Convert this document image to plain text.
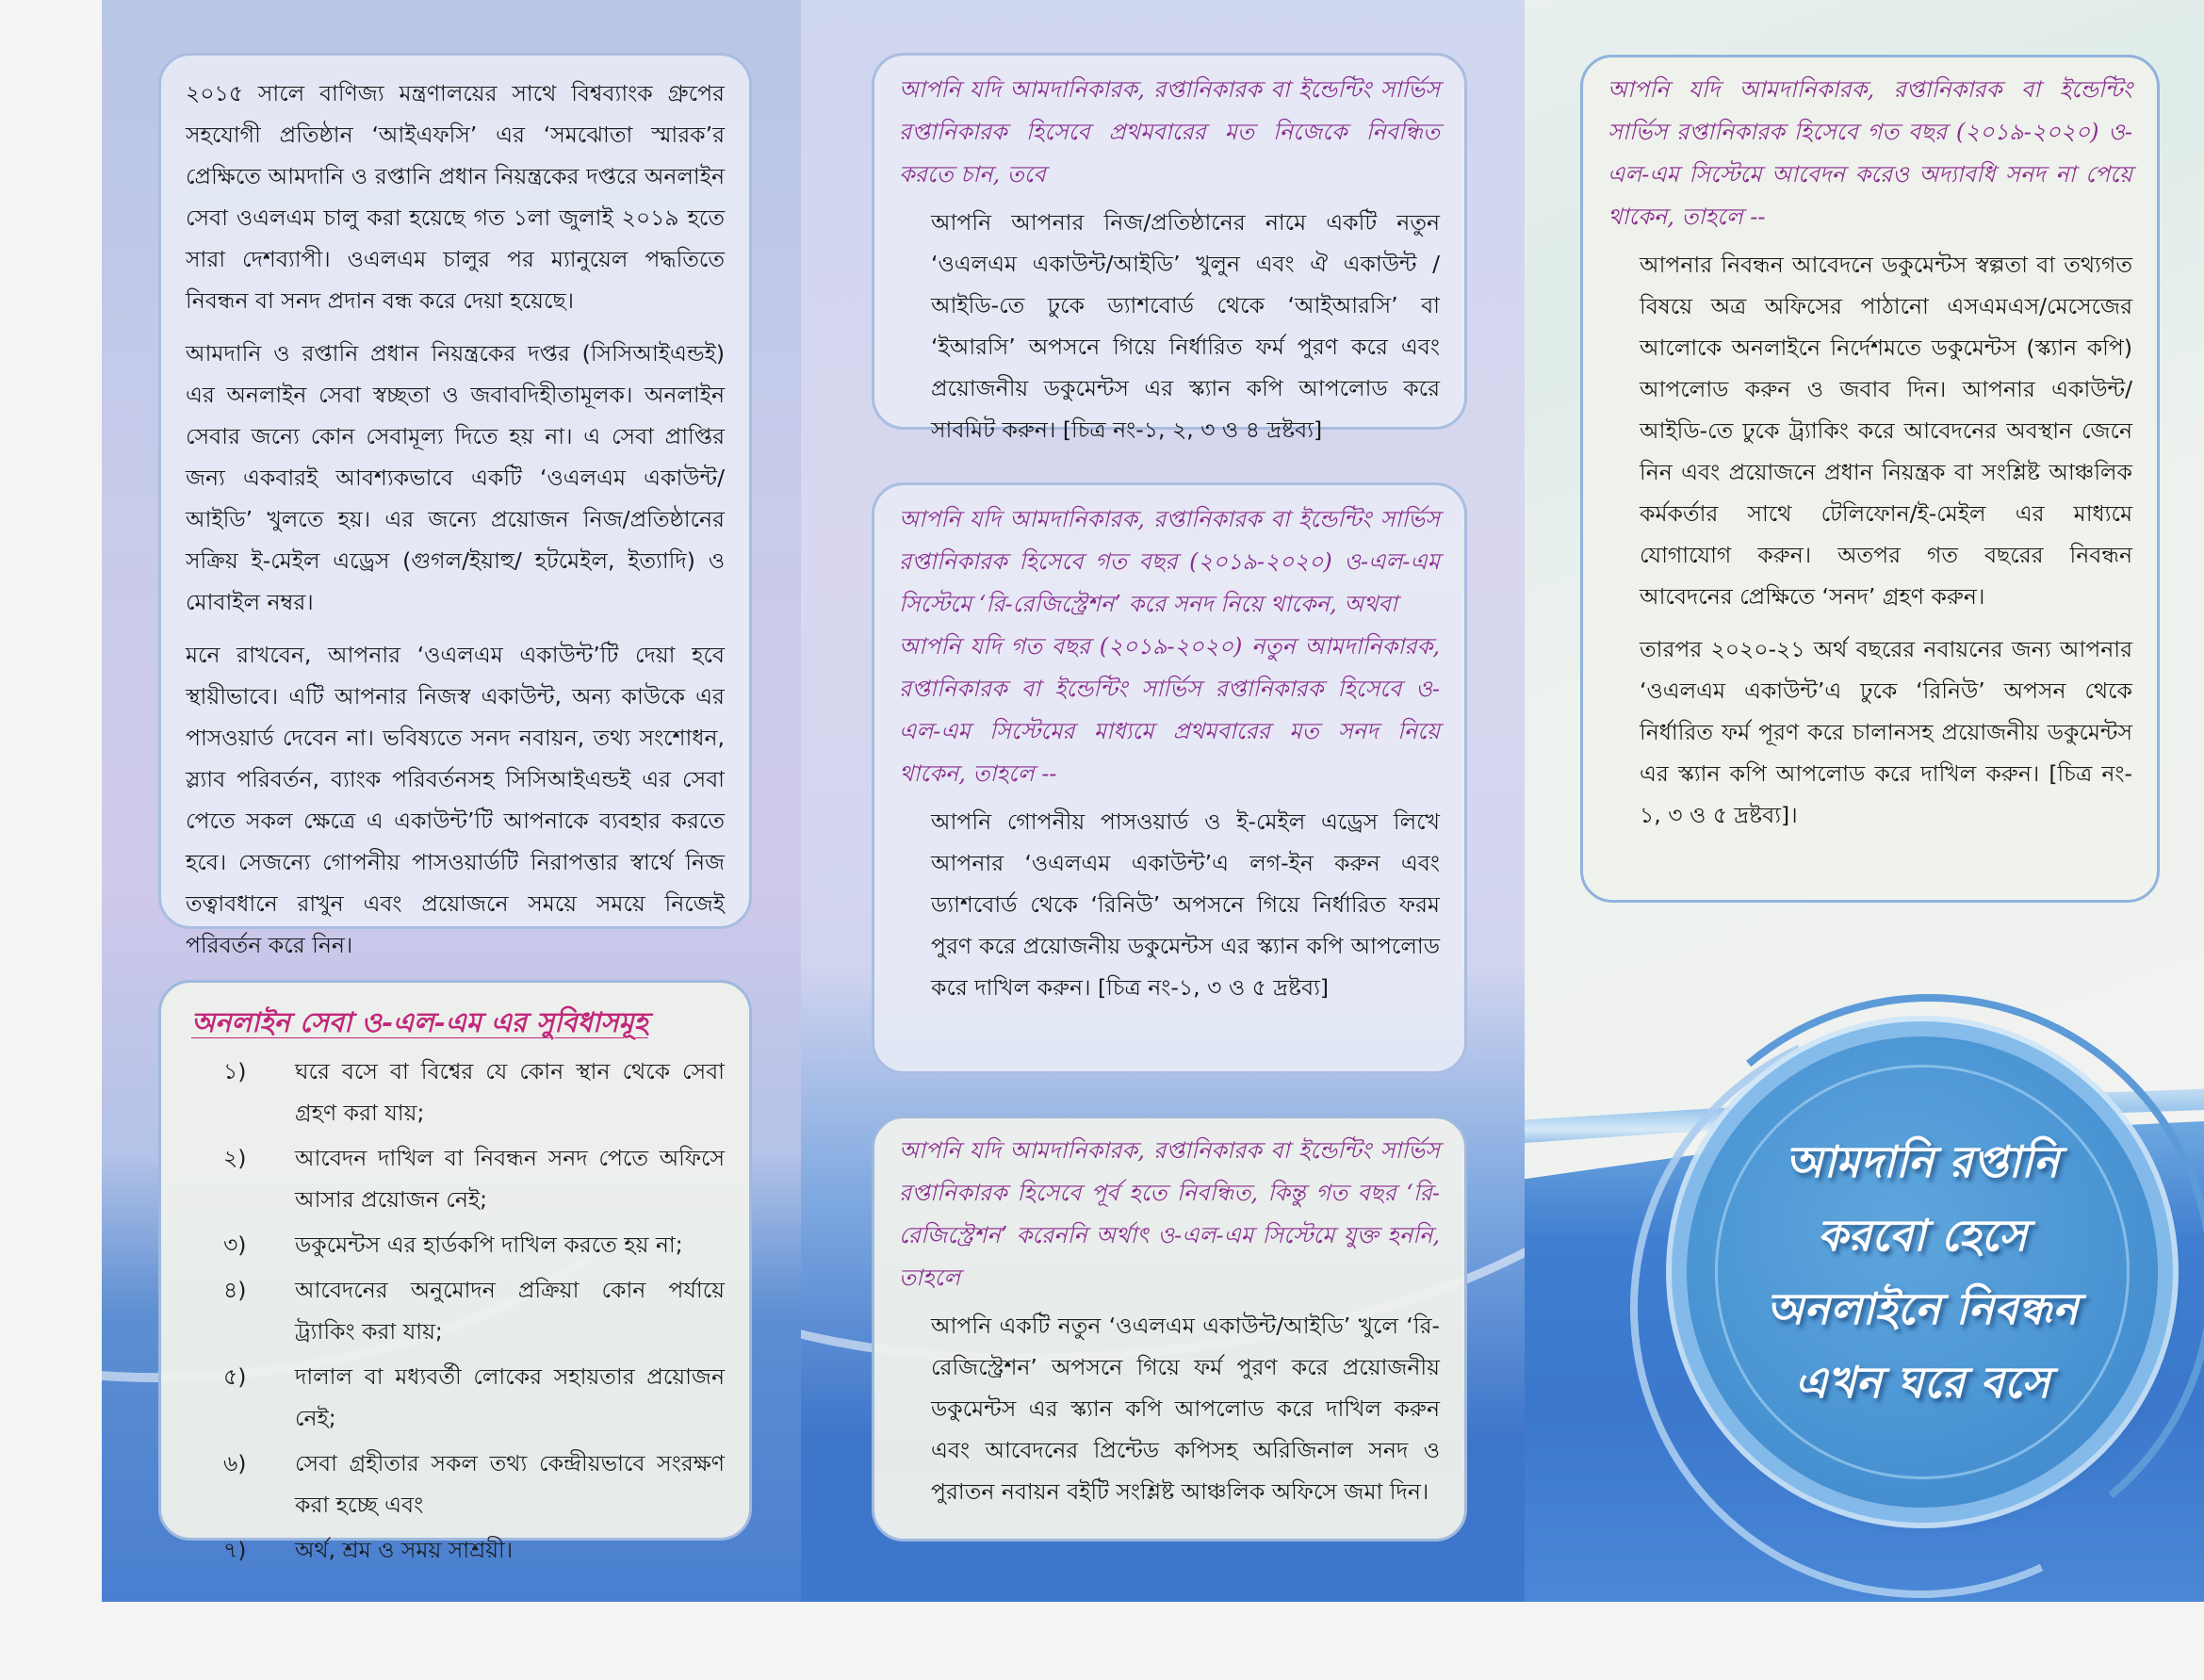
২০১৫ সালে বাণিজ্য মন্ত্রণালয়ের সাথে বিশ্বব্যাংক গ্রুপের সহযোগী প্রতিষ্ঠান ‘আইএফসি’ এর ‘সমঝোতা স্মারক’র প্রেক্ষিতে আমদানি ও রপ্তানি প্রধান নিয়ন্ত্রকের দপ্তরে অনলাইন সেবা ওএলএম চালু করা হয়েছে গত ১লা জুলাই ২০১৯ হতে সারা দেশব্যাপী। ওএলএম চালুর পর ম্যানুয়েল পদ্ধতিতে নিবন্ধন বা সনদ প্রদান বন্ধ করে দেয়া হয়েছে।

আমদানি ও রপ্তানি প্রধান নিয়ন্ত্রকের দপ্তর (সিসিআইএন্ডই) এর অনলাইন সেবা স্বচ্ছতা ও জবাবদিহীতামূলক। অনলাইন সেবার জন্যে কোন সেবামূল্য দিতে হয় না। এ সেবা প্রাপ্তির জন্য একবারই আবশ্যকভাবে একটি ‘ওএলএম একাউন্ট/ আইডি’ খুলতে হয়। এর জন্যে প্রয়োজন নিজ/প্রতিষ্ঠানের সক্রিয় ই-মেইল এড্রেস (গুগল/ইয়াহু/ হটমেইল, ইত্যাদি) ও মোবাইল নম্বর।

মনে রাখবেন, আপনার ‘ওএলএম একাউন্ট’টি দেয়া হবে স্থায়ীভাবে। এটি আপনার নিজস্ব একাউন্ট, অন্য কাউকে এর পাসওয়ার্ড দেবেন না। ভবিষ্যতে সনদ নবায়ন, তথ্য সংশোধন, স্ল্যাব পরিবর্তন, ব্যাংক পরিবর্তনসহ সিসিআইএন্ডই এর সেবা পেতে সকল ক্ষেত্রে এ একাউন্ট’টি আপনাকে ব্যবহার করতে হবে। সেজন্যে গোপনীয় পাসওয়ার্ডটি নিরাপত্তার স্বার্থে নিজ তত্বাবধানে রাখুন এবং প্রয়োজনে সময়ে সময়ে নিজেই পরিবর্তন করে নিন।

অনলাইন সেবা ও-এল-এম এর সুবিধাসমূহ
১)	ঘরে বসে বা বিশ্বের যে কোন স্থান থেকে সেবা গ্রহণ করা যায়;
২)	আবেদন দাখিল বা নিবন্ধন সনদ পেতে অফিসে আসার প্রয়োজন নেই;
৩)	ডকুমেন্টস এর হার্ডকপি দাখিল করতে হয় না;
৪)	আবেদনের অনুমোদন প্রক্রিয়া কোন পর্যায়ে ট্র্যাকিং করা যায়;
৫)	দালাল বা মধ্যবর্তী লোকের সহায়তার প্রয়োজন নেই;
৬)	সেবা গ্রহীতার সকল তথ্য কেন্দ্রীয়ভাবে সংরক্ষণ করা হচ্ছে এবং
৭)	অর্থ, শ্রম ও সময় সাশ্রয়ী।

আপনি যদি আমদানিকারক, রপ্তানিকারক বা ইন্ডেন্টিং সার্ভিস রপ্তানিকারক হিসেবে প্রথমবারের মত নিজেকে নিবন্ধিত করতে চান, তবে

আপনি আপনার নিজ/প্রতিষ্ঠানের নামে একটি নতুন ‘ওএলএম একাউন্ট/আইডি’ খুলুন এবং ঐ একাউন্ট / আইডি-তে ঢুকে ড্যাশবোর্ড থেকে ‘আইআরসি’ বা ‘ইআরসি’ অপসনে গিয়ে নির্ধারিত ফর্ম পুরণ করে এবং প্রয়োজনীয় ডকুমেন্টস এর স্ক্যান কপি আপলোড করে সাবমিট করুন। [চিত্র নং-১, ২, ৩ ও ৪ দ্রষ্টব্য]

আপনি যদি আমদানিকারক, রপ্তানিকারক বা ইন্ডেন্টিং সার্ভিস রপ্তানিকারক হিসেবে গত বছর (২০১৯-২০২০) ও-এল-এম সিস্টেমে ‘রি-রেজিস্ট্রেশন’ করে সনদ নিয়ে থাকেন, অথবা

আপনি যদি গত বছর (২০১৯-২০২০) নতুন আমদানিকারক, রপ্তানিকারক বা ইন্ডেন্টিং সার্ভিস রপ্তানিকারক হিসেবে ও-এল-এম সিস্টেমের মাধ্যমে প্রথমবারের মত সনদ নিয়ে থাকেন, তাহলে --

আপনি গোপনীয় পাসওয়ার্ড ও ই-মেইল এড্রেস লিখে আপনার ‘ওএলএম একাউন্ট’এ লগ-ইন করুন এবং ড্যাশবোর্ড থেকে ‘রিনিউ’ অপসনে গিয়ে নির্ধারিত ফরম পুরণ করে প্রয়োজনীয় ডকুমেন্টস এর স্ক্যান কপি আপলোড করে দাখিল করুন। [চিত্র নং-১, ৩ ও ৫ দ্রষ্টব্য]

আপনি যদি আমদানিকারক, রপ্তানিকারক বা ইন্ডেন্টিং সার্ভিস রপ্তানিকারক হিসেবে পূর্ব হতে নিবন্ধিত, কিন্তু গত বছর ‘রি-রেজিস্ট্রেশন’ করেননি অর্থাৎ ও-এল-এম সিস্টেমে যুক্ত হননি, তাহলে

আপনি একটি নতুন ‘ওএলএম একাউন্ট/আইডি’ খুলে ‘রি-রেজিস্ট্রেশন’ অপসনে গিয়ে ফর্ম পুরণ করে প্রয়োজনীয় ডকুমেন্টস এর স্ক্যান কপি আপলোড করে দাখিল করুন এবং আবেদনের প্রিন্টেড কপিসহ অরিজিনাল সনদ ও পুরাতন নবায়ন বইটি সংশ্লিষ্ট আঞ্চলিক অফিসে জমা দিন।

আপনি যদি আমদানিকারক, রপ্তানিকারক বা ইন্ডেন্টিং সার্ভিস রপ্তানিকারক হিসেবে গত বছর (২০১৯-২০২০) ও-এল-এম সিস্টেমে আবেদন করেও অদ্যাবধি সনদ না পেয়ে থাকেন, তাহলে --

আপনার নিবন্ধন আবেদনে ডকুমেন্টস স্বল্পতা বা তথ্যগত বিষয়ে অত্র অফিসের পাঠানো এসএমএস/মেসেজের আলোকে অনলাইনে নির্দেশমতে ডকুমেন্টস (স্ক্যান কপি) আপলোড করুন ও জবাব দিন। আপনার একাউন্ট/ আইডি-তে ঢুকে ট্র্যাকিং করে আবেদনের অবস্থান জেনে নিন এবং প্রয়োজনে প্রধান নিয়ন্ত্রক বা সংশ্লিষ্ট আঞ্চলিক কর্মকর্তার সাথে টেলিফোন/ই-মেইল এর মাধ্যমে যোগাযোগ করুন। অতপর গত বছরের নিবন্ধন আবেদনের প্রেক্ষিতে ‘সনদ’ গ্রহণ করুন।

তারপর ২০২০-২১ অর্থ বছরের নবায়নের জন্য আপনার ‘ওএলএম একাউন্ট’এ ঢুকে ‘রিনিউ’ অপসন থেকে নির্ধারিত ফর্ম পূরণ করে চালানসহ প্রয়োজনীয় ডকুমেন্টস এর স্ক্যান কপি আপলোড করে দাখিল করুন। [চিত্র নং- ১, ৩ ও ৫ দ্রষ্টব্য]।

আমদানি রপ্তানি
করবো হেসে
অনলাইনে নিবন্ধন
এখন ঘরে বসে
